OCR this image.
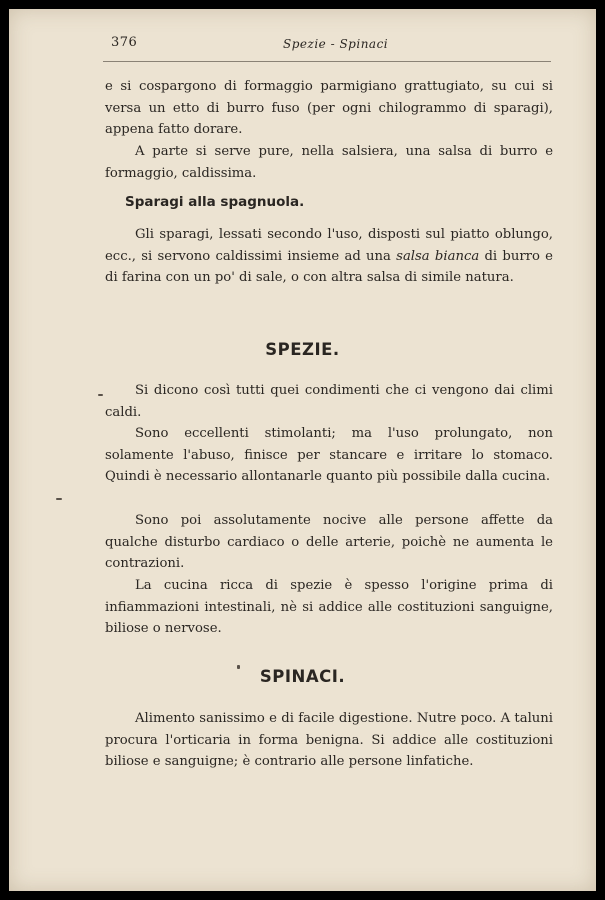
376	Spezie - Spinaci

e si cospargono di formaggio parmigiano grattugiato, su cui si versa un etto di burro fuso (per ogni chilogrammo di sparagi), appena fatto dorare.

A parte si serve pure, nella salsiera, una salsa di burro e formaggio, caldissima.

Sparagi alla spagnuola.

Gli sparagi, lessati secondo l'uso, disposti sul piatto oblungo, ecc., si servono caldissimi insieme ad una salsa bianca di burro e di farina con un po' di sale, o con altra salsa di simile natura.

SPEZIE.

Si dicono così tutti quei condimenti che ci vengono dai climi caldi.

Sono eccellenti stimolanti; ma l'uso prolungato, non solamente l'abuso, finisce per stancare e irritare lo stomaco. Quindi è necessario allontanarle quanto più possibile dalla cucina.

Sono poi assolutamente nocive alle persone affette da qualche disturbo cardiaco o delle arterie, poichè ne aumenta le contrazioni.

La cucina ricca di spezie è spesso l'origine prima di infiammazioni intestinali, nè si addice alle costituzioni sanguigne, biliose o nervose.

SPINACI.

Alimento sanissimo e di facile digestione. Nutre poco. A taluni procura l'orticaria in forma benigna. Si addice alle costituzioni biliose e sanguigne; è contrario alle persone linfatiche.
